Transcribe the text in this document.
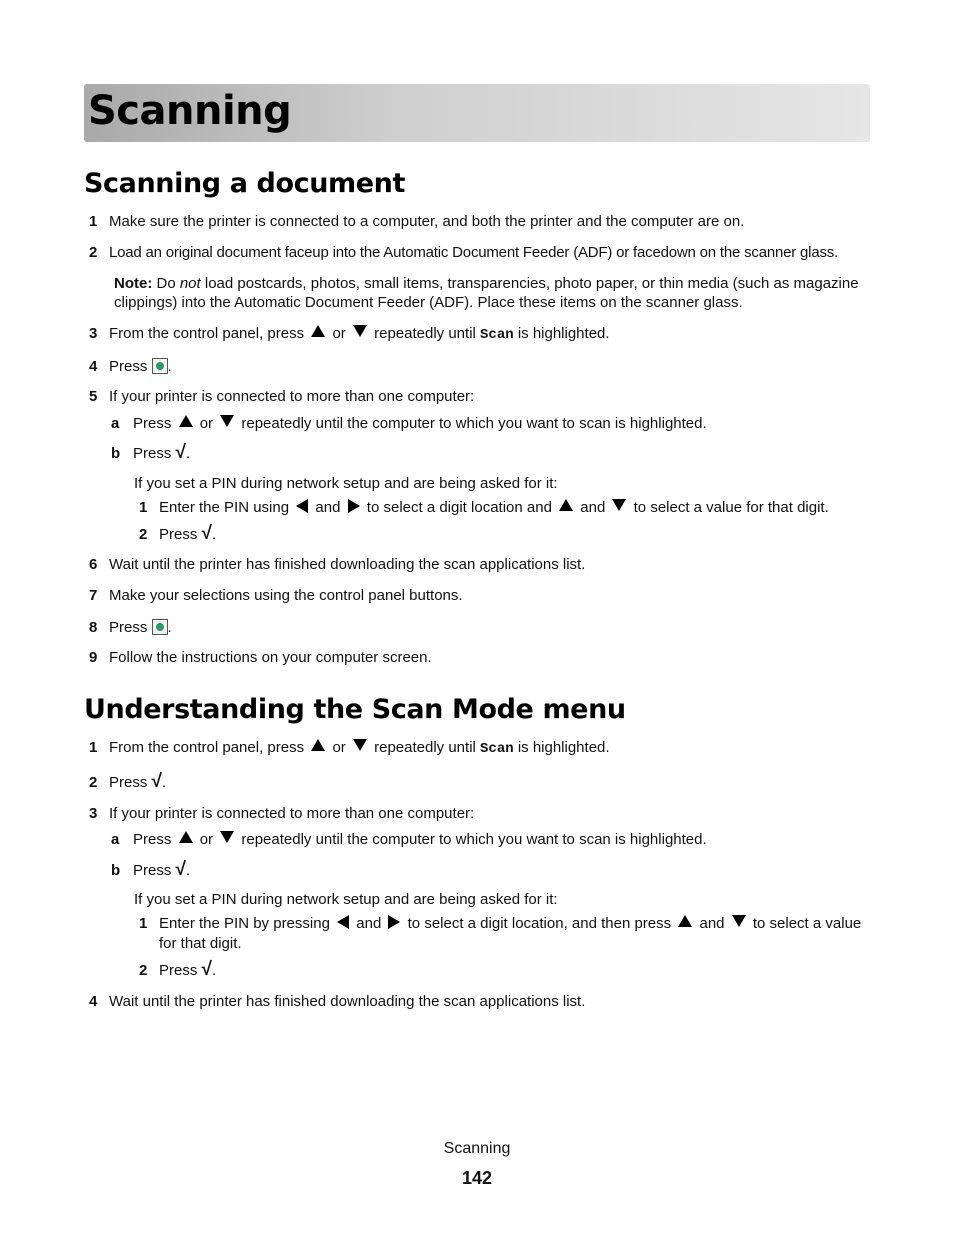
Scanning
Scanning a document
1 Make sure the printer is connected to a computer, and both the printer and the computer are on.
2 Load an original document faceup into the Automatic Document Feeder (ADF) or facedown on the scanner glass.
Note: Do not load postcards, photos, small items, transparencies, photo paper, or thin media (such as magazine
clippings) into the Automatic Document Feeder (ADF). Place these items on the scanner glass.
3 From the control panel, press or repeatedly until Scan is highlighted.
4 Press .
5 If your printer is connected to more than one computer:
a Press or repeatedly until the computer to which you want to scan is highlighted.
b Press √.
If you set a PIN during network setup and are being asked for it:
1 Enter the PIN using and to select a digit location and and to select a value for that digit.
2 Press √.
6 Wait until the printer has finished downloading the scan applications list.
7 Make your selections using the control panel buttons.
8 Press .
9 Follow the instructions on your computer screen.
Understanding the Scan Mode menu
1 From the control panel, press or repeatedly until Scan is highlighted.
2 Press √.
3 If your printer is connected to more than one computer:
a Press or repeatedly until the computer to which you want to scan is highlighted.
b Press √.
If you set a PIN during network setup and are being asked for it:
1 Enter the PIN by pressing and to select a digit location, and then press and to select a value
for that digit.
2 Press √.
4 Wait until the printer has finished downloading the scan applications list.
Scanning
142
